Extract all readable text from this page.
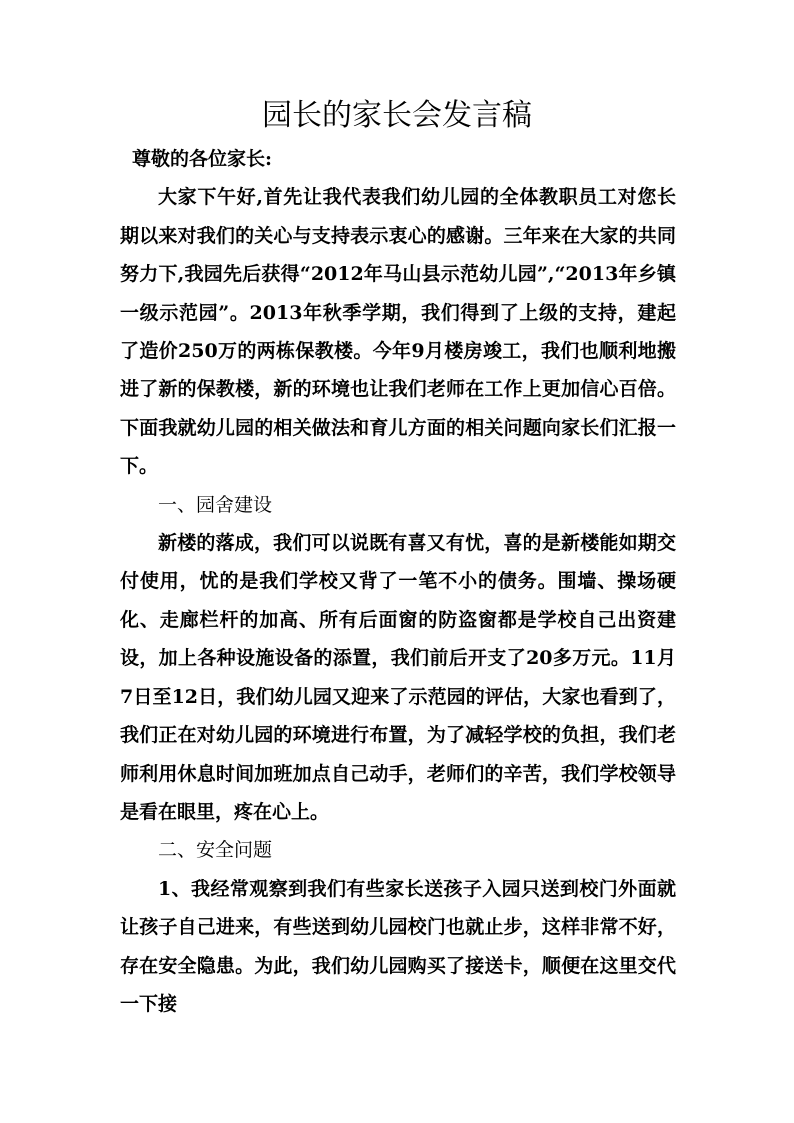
园长的家长会发言稿

尊敬的各位家长:

大家下午好,首先让我代表我们幼儿园的全体教职员工对您长期以来对我们的关心与支持表示衷心的感谢。三年来在大家的共同努力下,我园先后获得“2012年马山县示范幼儿园”,“2013年乡镇一级示范园”。2013年秋季学期，我们得到了上级的支持，建起了造价250万的两栋保教楼。今年9月楼房竣工，我们也顺利地搬进了新的保教楼，新的环境也让我们老师在工作上更加信心百倍。下面我就幼儿园的相关做法和育儿方面的相关问题向家长们汇报一下。

一、园舍建设

新楼的落成，我们可以说既有喜又有忧，喜的是新楼能如期交付使用，忧的是我们学校又背了一笔不小的债务。围墙、操场硬化、走廊栏杆的加高、所有后面窗的防盗窗都是学校自己出资建设，加上各种设施设备的添置，我们前后开支了20多万元。11月7日至12日，我们幼儿园又迎来了示范园的评估，大家也看到了，我们正在对幼儿园的环境进行布置，为了减轻学校的负担，我们老师利用休息时间加班加点自己动手，老师们的辛苦，我们学校领导是看在眼里，疼在心上。

二、安全问题

1、我经常观察到我们有些家长送孩子入园只送到校门外面就让孩子自己进来，有些送到幼儿园校门也就止步，这样非常不好，存在安全隐患。为此，我们幼儿园购买了接送卡，顺便在这里交代一下接
